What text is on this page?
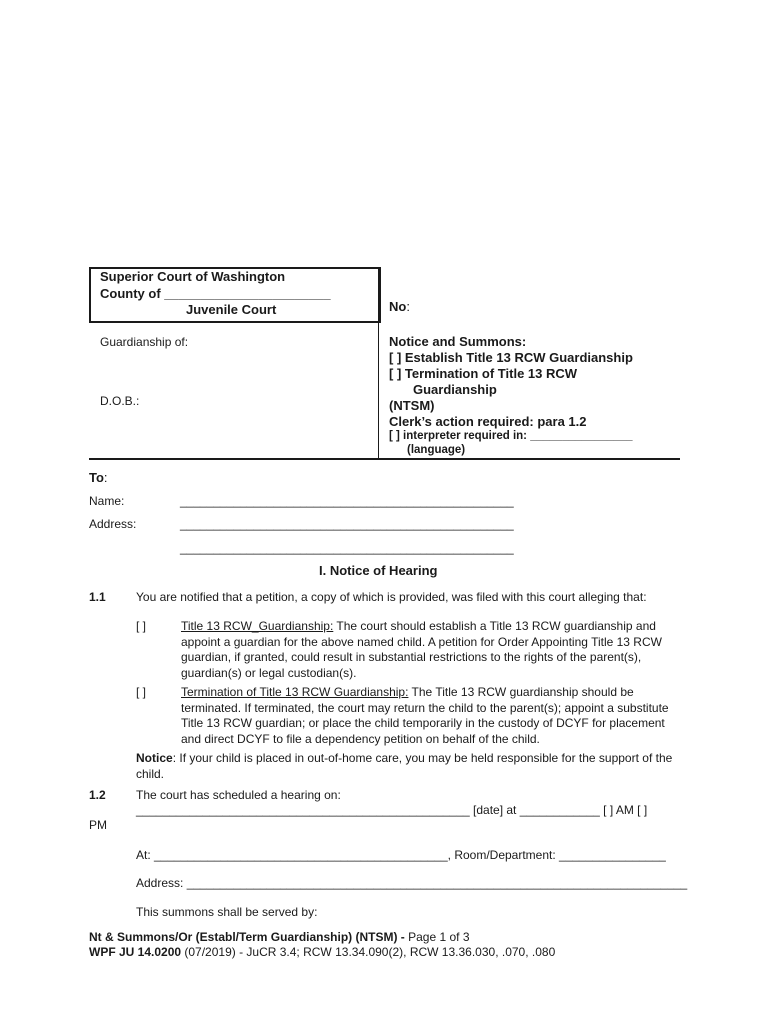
Superior Court of Washington
County of _______________________
Juvenile Court
Guardianship of:
D.O.B.:
No:
Notice and Summons:
[ ] Establish Title 13 RCW Guardianship
[ ] Termination of Title 13 RCW
Guardianship
(NTSM)
Clerk’s action required: para 1.2
[ ] interpreter required in: ________________
(language)
To:
Name:	__________________________________________________
Address:	__________________________________________________
__________________________________________________
I. Notice of Hearing
1.1	You are notified that a petition, a copy of which is provided, was filed with this court alleging that:
[ ]	Title 13 RCW_Guardianship: The court should establish a Title 13 RCW guardianship and appoint a guardian for the above named child. A petition for Order Appointing Title 13 RCW guardian, if granted, could result in substantial restrictions to the rights of the parent(s), guardian(s) or legal custodian(s).
[ ]	Termination of Title 13 RCW Guardianship: The Title 13 RCW guardianship should be terminated. If terminated, the court may return the child to the parent(s); appoint a substitute Title 13 RCW guardian; or place the child temporarily in the custody of DCYF for placement and direct DCYF to file a dependency petition on behalf of the child.
Notice: If your child is placed in out-of-home care, you may be held responsible for the support of the child.
1.2	The court has scheduled a hearing on:
__________________________________________________ [date] at ____________ [ ] AM [ ]
PM
At: ____________________________________________, Room/Department: ________________
Address: ___________________________________________________________________________
This summons shall be served by:
Nt & Summons/Or (Establ/Term Guardianship) (NTSM) - Page 1 of 3
WPF JU 14.0200 (07/2019) - JuCR 3.4; RCW 13.34.090(2), RCW 13.36.030, .070, .080
